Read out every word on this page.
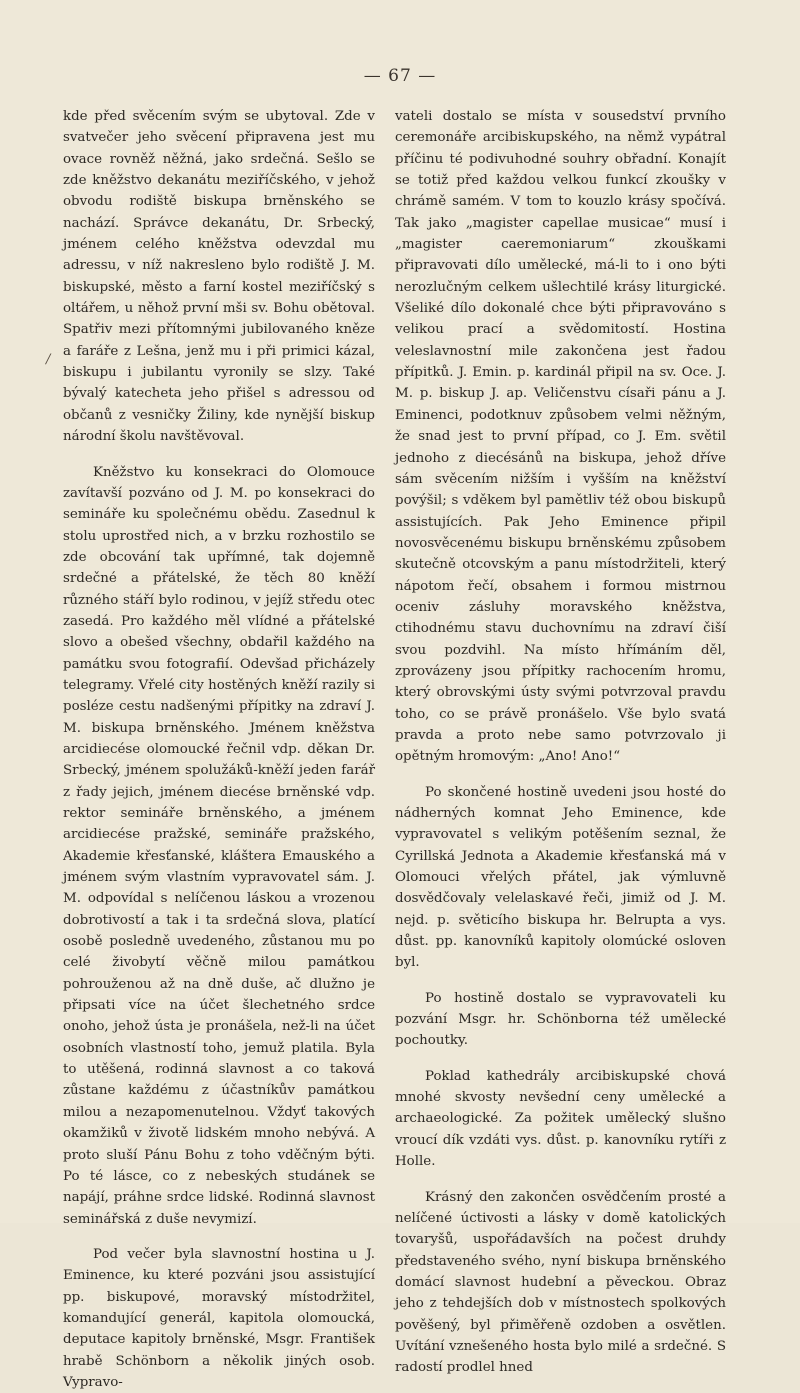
— 67 —
/

kde před svěcením svým se ubytoval. Zde v svatvečer jeho svěcení připravena jest mu ovace rovněž něžná, jako srdečná. Sešlo se zde kněžstvo dekanátu meziříčského, v jehož obvodu rodiště biskupa brněnského se nachází. Správce dekanátu, Dr. Srbecký, jménem celého kněžstva odevzdal mu adressu, v níž nakresleno bylo rodiště J. M. biskupské, město a farní kostel meziříčský s oltářem, u něhož první mši sv. Bohu obětoval. Spatřiv mezi přítomnými jubilovaného kněze a faráře z Lešna, jenž mu i při primici kázal, biskupu i jubilantu vyronily se slzy. Také bývalý katecheta jeho přišel s adressou od občanů z vesničky Žiliny, kde nynější biskup národní školu navštěvoval.

Kněžstvo ku konsekraci do Olomouce zavítavší pozváno od J. M. po konsekraci do semináře ku společnému obědu. Zasednul k stolu uprostřed nich, a v brzku rozhostilo se zde obcování tak upřímné, tak dojemně srdečné a přátelské, že těch 80 kněží různého stáří bylo rodinou, v jejíž středu otec zasedá. Pro každého měl vlídné a přátelské slovo a obešed všechny, obdařil každého na památku svou fotografií. Odevšad přicházely telegramy. Vřelé city hostěných kněží razily si posléze cestu nadšenými přípitky na zdraví J. M. biskupa brněnského. Jménem kněžstva arcidiecése olomoucké řečnil vdp. děkan Dr. Srbecký, jménem spolužáků-kněží jeden farář z řady jejich, jménem diecése brněnské vdp. rektor semináře brněnského, a jménem arcidiecése pražské, semináře pražského, Akademie křesťanské, kláštera Emauského a jménem svým vlastním vypravovatel sám. J. M. odpovídal s nelíčenou láskou a vrozenou dobrotivostí a tak i ta srdečná slova, platící osobě posledně uvedeného, zůstanou mu po celé živobytí věčně milou památkou pohrouženou až na dně duše, ač dlužno je připsati více na účet šlechetného srdce onoho, jehož ústa je pronášela, než-li na účet osobních vlastností toho, jemuž platila. Byla to utěšená, rodinná slavnost a co taková zůstane každému z účastníkův památkou milou a nezapomenutelnou. Vždyť takových okamžiků v životě lidském mnoho nebývá. A proto sluší Pánu Bohu z toho vděčným býti. Po té lásce, co z nebeských studánek se napájí, práhne srdce lidské. Rodinná slavnost seminářská z duše nevymizí.

Pod večer byla slavnostní hostina u J. Eminence, ku které pozváni jsou assistující pp. biskupové, moravský místodržitel, komandující generál, kapitola olomoucká, deputace kapitoly brněnské, Msgr. František hrabě Schönborn a několik jiných osob. Vypravo-

vateli dostalo se místa v sousedství prvního ceremonáře arcibiskupského, na němž vypátral příčinu té podivuhodné souhry obřadní. Konajít se totiž před každou velkou funkcí zkoušky v chrámě samém. V tom to kouzlo krásy spočívá. Tak jako „magister capellae musicae“ musí i „magister caeremoniarum“ zkouškami připravovati dílo umělecké, má-li to i ono býti nerozlučným celkem ušlechtilé krásy liturgické. Všeliké dílo dokonalé chce býti připravováno s velikou prací a svědomitostí. Hostina veleslavnostní mile zakončena jest řadou přípitků. J. Emin. p. kardinál připil na sv. Oce. J. M. p. biskup J. ap. Veličenstvu císaři pánu a J. Eminenci, podotknuv způsobem velmi něžným, že snad jest to první případ, co J. Em. světil jednoho z diecésánů na biskupa, jehož dříve sám svěcením nižším i vyšším na kněžství povýšil; s vděkem byl pamětliv též obou biskupů assistujících. Pak Jeho Eminence připil novosvěcenému biskupu brněnskému způsobem skutečně otcovským a panu místodržiteli, který nápotom řečí, obsahem i formou mistrnou oceniv zásluhy moravského kněžstva, ctihodnému stavu duchovnímu na zdraví čiší svou pozdvihl. Na místo hřímáním děl, zprovázeny jsou přípitky rachocením hromu, který obrovskými ústy svými potvrzoval pravdu toho, co se právě pronášelo. Vše bylo svatá pravda a proto nebe samo potvrzovalo ji opětným hromovým: „Ano! Ano!“

Po skončené hostině uvedeni jsou hosté do nádherných komnat Jeho Eminence, kde vypravovatel s velikým potěšením seznal, že Cyrillská Jednota a Akademie křesťanská má v Olomouci vřelých přátel, jak výmluvně dosvědčovaly velelaskavé řeči, jimiž od J. M. nejd. p. světicího biskupa hr. Belrupta a vys. důst. pp. kanovníků kapitoly olomúcké osloven byl.

Po hostině dostalo se vypravovateli ku pozvání Msgr. hr. Schönborna též umělecké pochoutky.

Poklad kathedrály arcibiskupské chová mnohé skvosty nevšední ceny umělecké a archaeologické. Za požitek umělecký slušno vroucí dík vzdáti vys. důst. p. kanovníku rytíři z Holle.

Krásný den zakončen osvědčením prosté a nelíčené úctivosti a lásky v domě katolických tovaryšů, uspořádavších na počest druhdy představeného svého, nyní biskupa brněnského domácí slavnost hudební a pěveckou. Obraz jeho z tehdejších dob v místnostech spolkových pověšený, byl přiměřeně ozdoben a osvětlen. Uvítání vznešeného hosta bylo milé a srdečné. S radostí prodlel hned
